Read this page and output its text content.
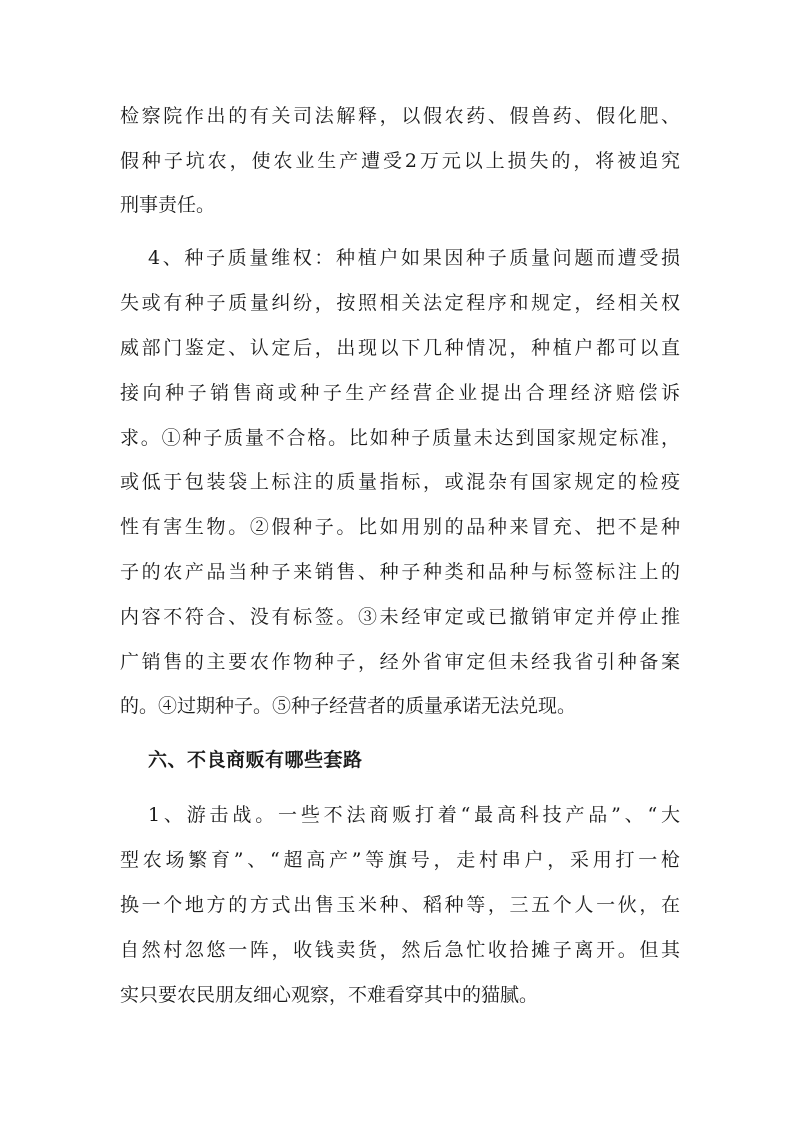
检察院作出的有关司法解释，以假农药、假兽药、假化肥、
假种子坑农，使农业生产遭受2万元以上损失的，将被追究
刑事责任。
4、种子质量维权：种植户如果因种子质量问题而遭受损
失或有种子质量纠纷，按照相关法定程序和规定，经相关权
威部门鉴定、认定后，出现以下几种情况，种植户都可以直
接向种子销售商或种子生产经营企业提出合理经济赔偿诉
求。①种子质量不合格。比如种子质量未达到国家规定标准，
或低于包装袋上标注的质量指标，或混杂有国家规定的检疫
性有害生物。②假种子。比如用别的品种来冒充、把不是种
子的农产品当种子来销售、种子种类和品种与标签标注上的
内容不符合、没有标签。③未经审定或已撤销审定并停止推
广销售的主要农作物种子，经外省审定但未经我省引种备案
的。④过期种子。⑤种子经营者的质量承诺无法兑现。
六、不良商贩有哪些套路
1、游击战。一些不法商贩打着“最高科技产品”、“大
型农场繁育”、“超高产”等旗号，走村串户，采用打一枪
换一个地方的方式出售玉米种、稻种等，三五个人一伙，在
自然村忽悠一阵，收钱卖货，然后急忙收拾摊子离开。但其
实只要农民朋友细心观察，不难看穿其中的猫腻。
